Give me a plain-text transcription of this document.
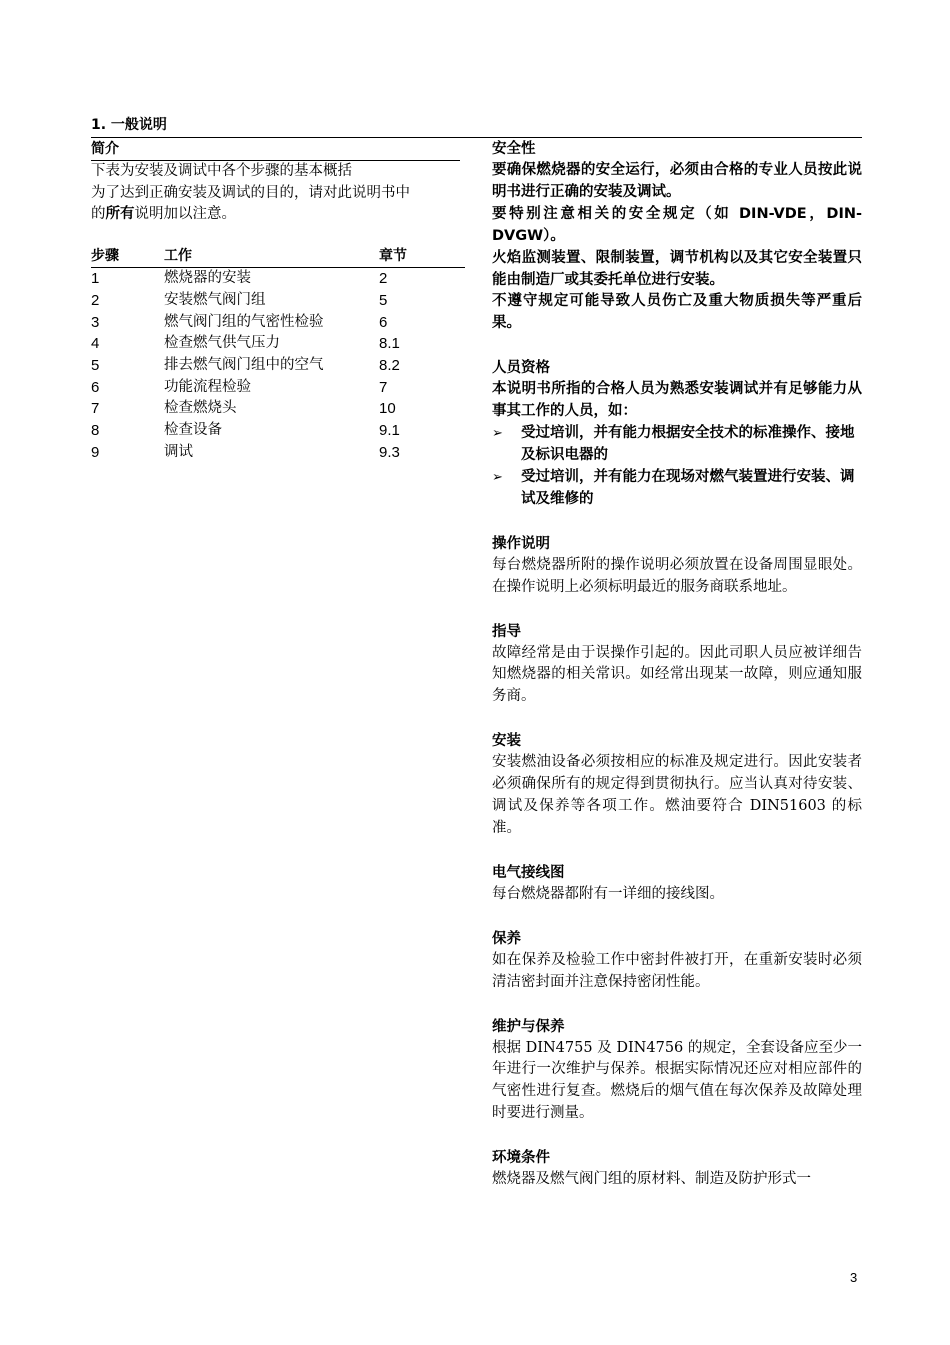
1. 一般说明
简介

下表为安装及调试中各个步骤的基本概括

为了达到正确安装及调试的目的，请对此说明书中

的所有说明加以注意。

步骤	工作	章节
1	燃烧器的安装	2
2	安装燃气阀门组	5
3	燃气阀门组的气密性检验	6
4	检查燃气供气压力	8.1
5	排去燃气阀门组中的空气	8.2
6	功能流程检验	7
7	检查燃烧头	10
8	检查设备	9.1
9	调试	9.3

安全性

要确保燃烧器的安全运行，必须由合格的专业人员按此说明书进行正确的安装及调试。

要特别注意相关的安全规定（如 DIN-VDE，DIN-DVGW）。

火焰监测装置、限制装置，调节机构以及其它安全装置只能由制造厂或其委托单位进行安装。

不遵守规定可能导致人员伤亡及重大物质损失等严重后果。

人员资格

本说明书所指的合格人员为熟悉安装调试并有足够能力从事其工作的人员，如：

➢ 受过培训，并有能力根据安全技术的标准操作、接地及标识电器的
➢ 受过培训，并有能力在现场对燃气装置进行安装、调试及维修的

操作说明

每台燃烧器所附的操作说明必须放置在设备周围显眼处。在操作说明上必须标明最近的服务商联系地址。

指导

故障经常是由于误操作引起的。因此司职人员应被详细告知燃烧器的相关常识。如经常出现某一故障，则应通知服务商。

安装

安装燃油设备必须按相应的标准及规定进行。因此安装者必须确保所有的规定得到贯彻执行。应当认真对待安装、调试及保养等各项工作。燃油要符合 DIN51603 的标准。

电气接线图

每台燃烧器都附有一详细的接线图。

保养

如在保养及检验工作中密封件被打开，在重新安装时必须清洁密封面并注意保持密闭性能。

维护与保养

根据 DIN4755 及 DIN4756 的规定，全套设备应至少一年进行一次维护与保养。根据实际情况还应对相应部件的气密性进行复查。燃烧后的烟气值在每次保养及故障处理时要进行测量。

环境条件

燃烧器及燃气阀门组的原材料、制造及防护形式一

3
